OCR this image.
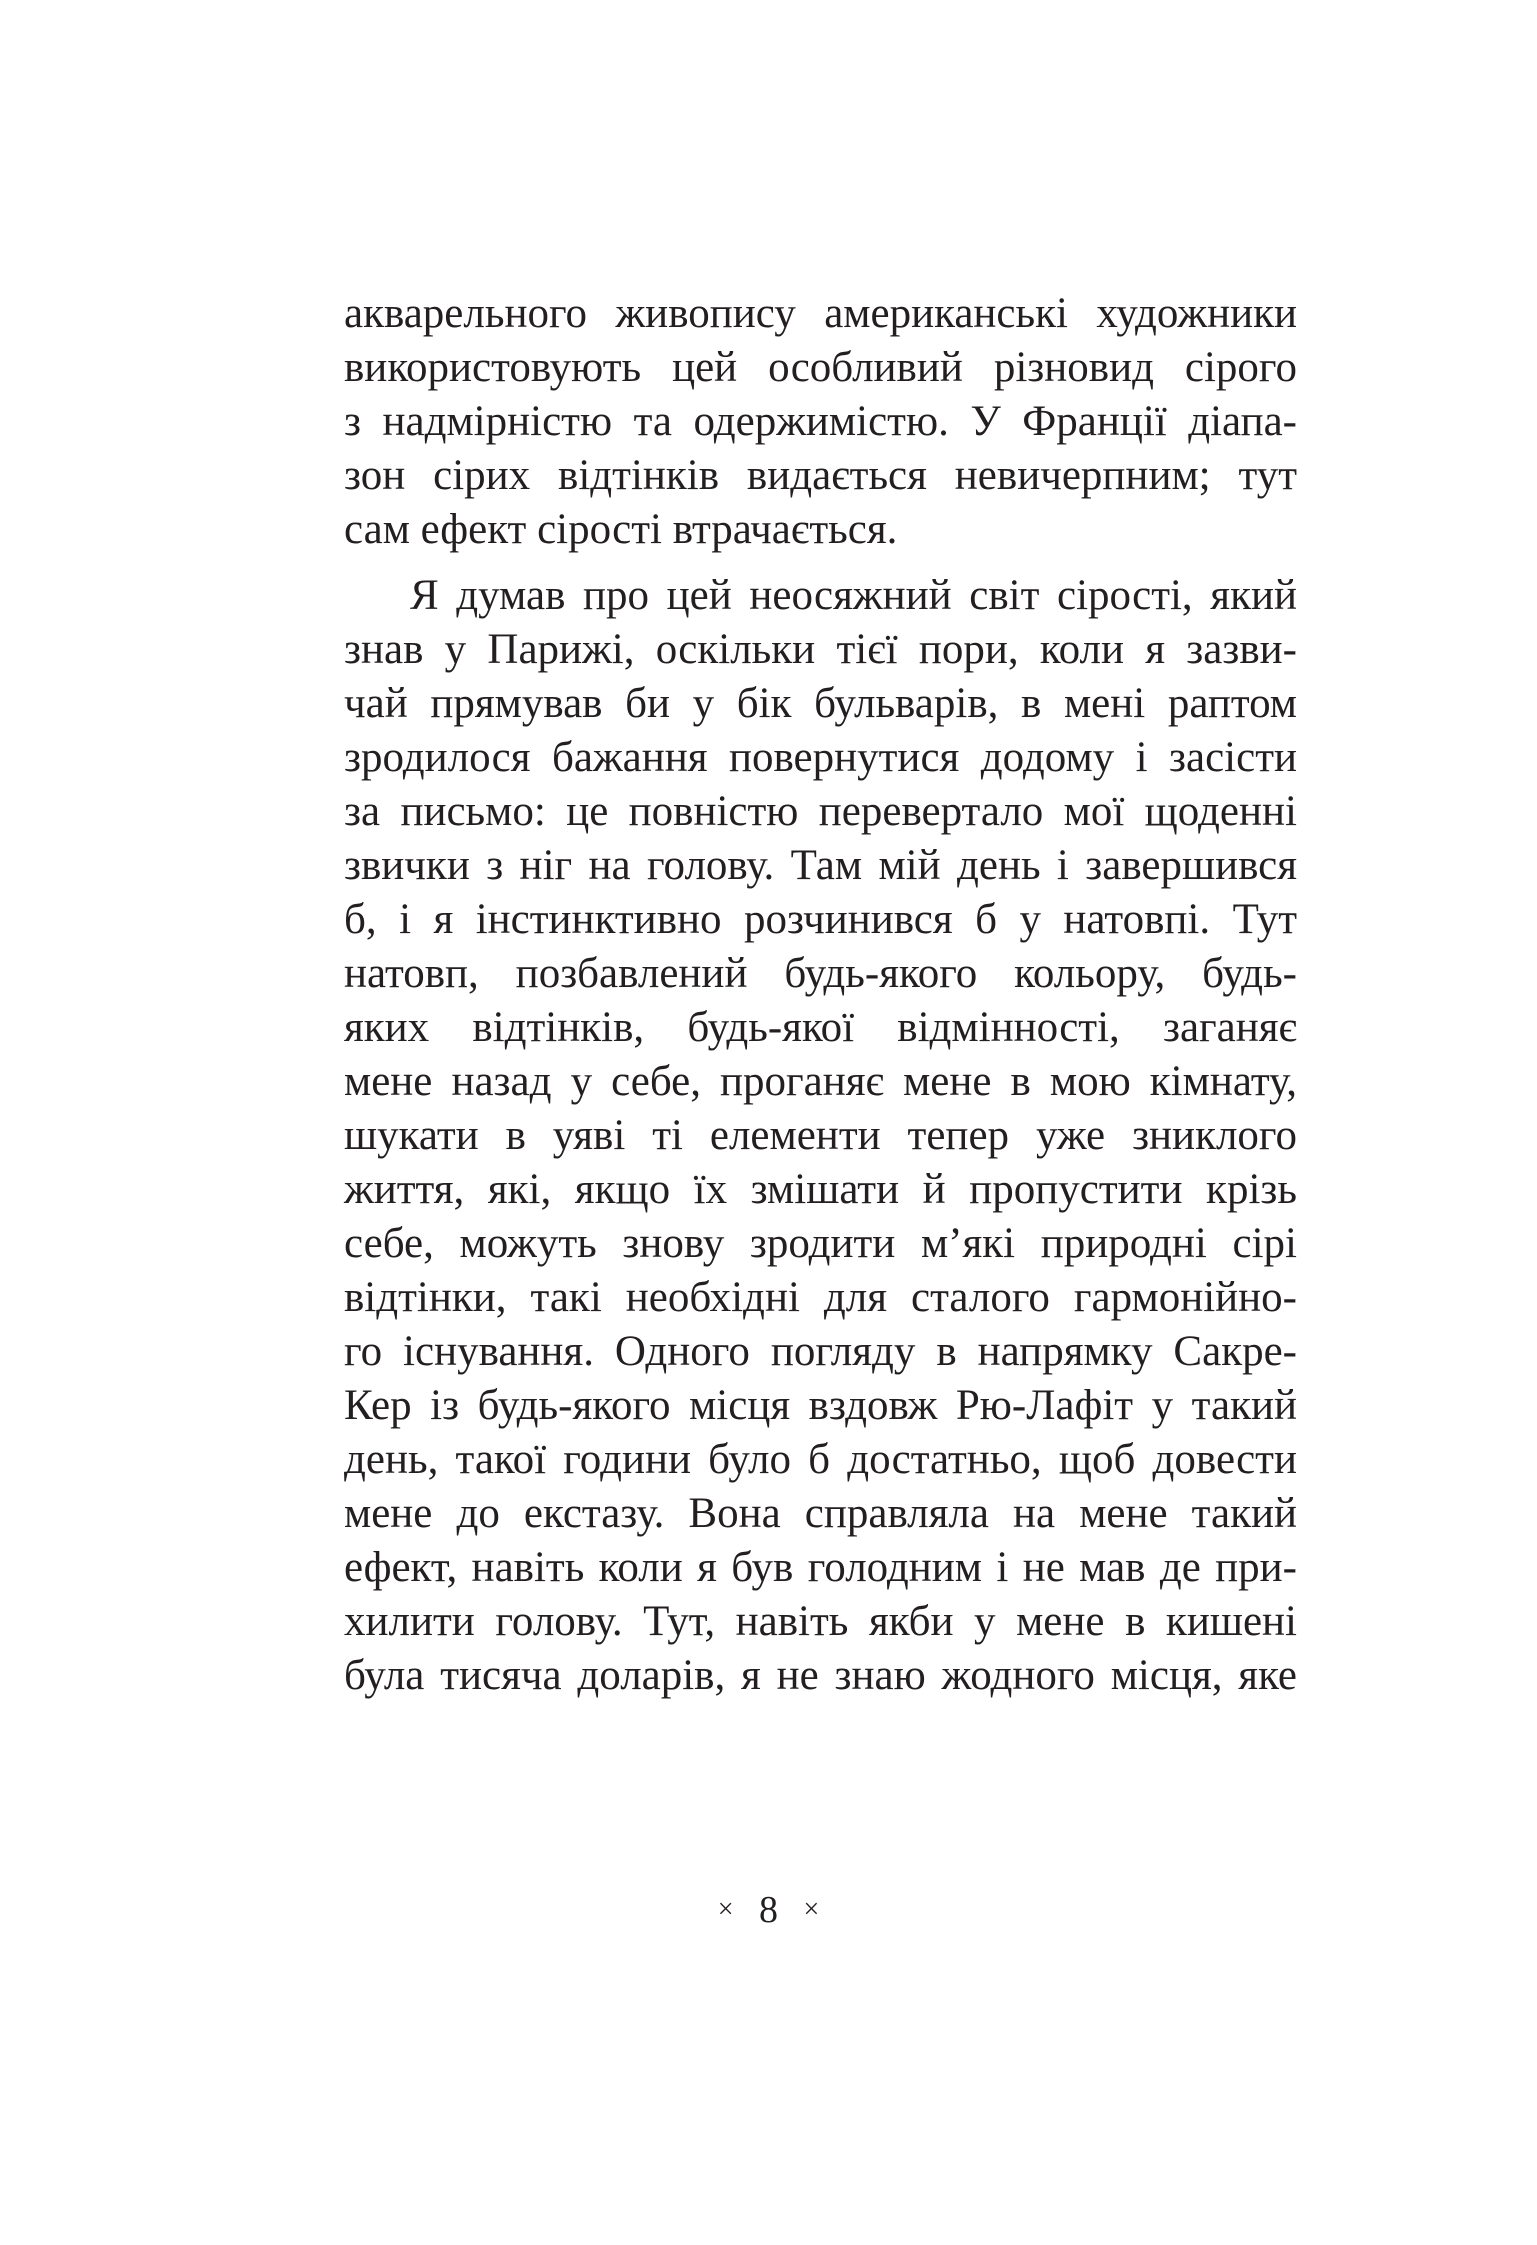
акварельного живопису американські художники
використовують цей особливий різновид сірого
з надмірністю та одержимістю. У Франції діапа-
зон сірих відтінків видається невичерпним; тут
сам ефект сірості втрачається.
Я думав про цей неосяжний світ сірості, який
знав у Парижі, оскільки тієї пори, коли я зазви-
чай прямував би у бік бульварів, в мені раптом
зродилося бажання повернутися додому і засісти
за письмо: це повністю перевертало мої щоденні
звички з ніг на голову. Там мій день і завершився
б, і я інстинктивно розчинився б у натовпі. Тут
натовп, позбавлений будь-якого кольору, будь-
яких відтінків, будь-якої відмінності, заганяє
мене назад у себе, проганяє мене в мою кімнату,
шукати в уяві ті елементи тепер уже зниклого
життя, які, якщо їх змішати й пропустити крізь
себе, можуть знову зродити м’які природні сірі
відтінки, такі необхідні для сталого гармонійно-
го існування. Одного погляду в напрямку Сакре-
Кер із будь-якого місця вздовж Рю-Лафіт у такий
день, такої години було б достатньо, щоб довести
мене до екстазу. Вона справляла на мене такий
ефект, навіть коли я був голодним і не мав де при-
хилити голову. Тут, навіть якби у мене в кишені
була тисяча доларів, я не знаю жодного місця, яке
× 8 ×
